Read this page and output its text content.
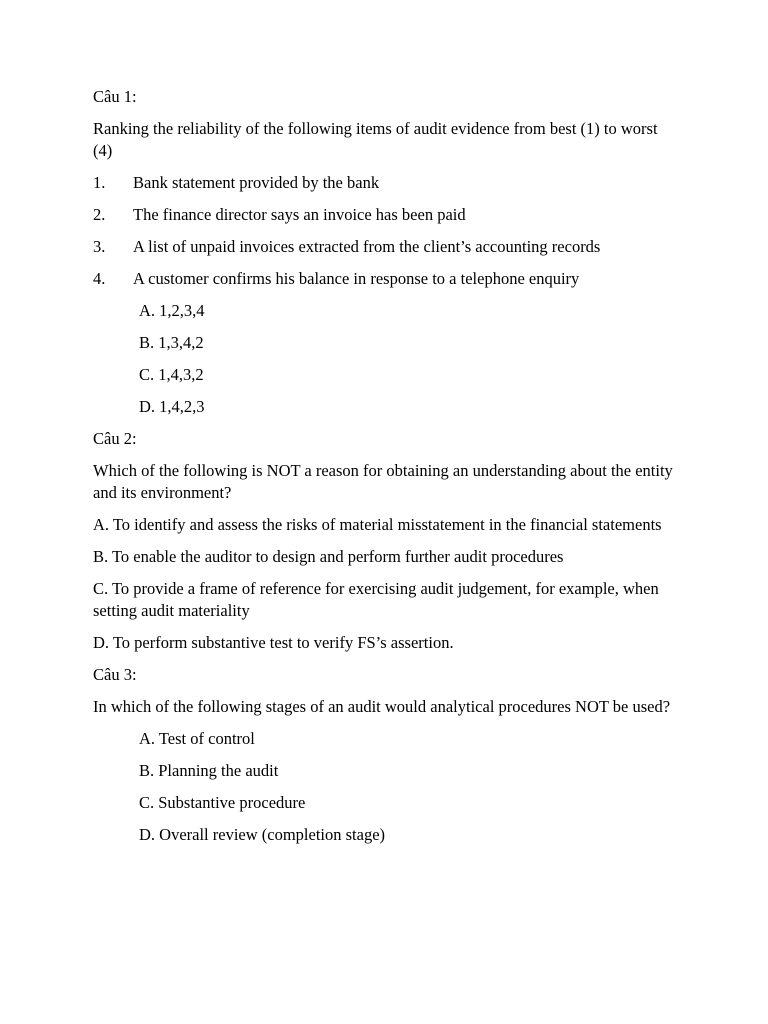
Câu 1:

Ranking the reliability of the following items of audit evidence from best (1) to worst (4)

1.	Bank statement provided by the bank
2.	The finance director says an invoice has been paid
3.	A list of unpaid invoices extracted from the client’s accounting records
4.	A customer confirms his balance in response to a telephone enquiry

A. 1,2,3,4

B. 1,3,4,2

C. 1,4,3,2

D. 1,4,2,3

Câu 2:

Which of the following is NOT a reason for obtaining an understanding about the entity and its environment?

A. To identify and assess the risks of material misstatement in the financial statements

B. To enable the auditor to design and perform further audit procedures

C. To provide a frame of reference for exercising audit judgement, for example, when setting audit materiality

D. To perform substantive test to verify FS’s assertion.

Câu 3:

In which of the following stages of an audit would analytical procedures NOT be used?

A. Test of control

B. Planning the audit

C. Substantive procedure

D. Overall review (completion stage)
